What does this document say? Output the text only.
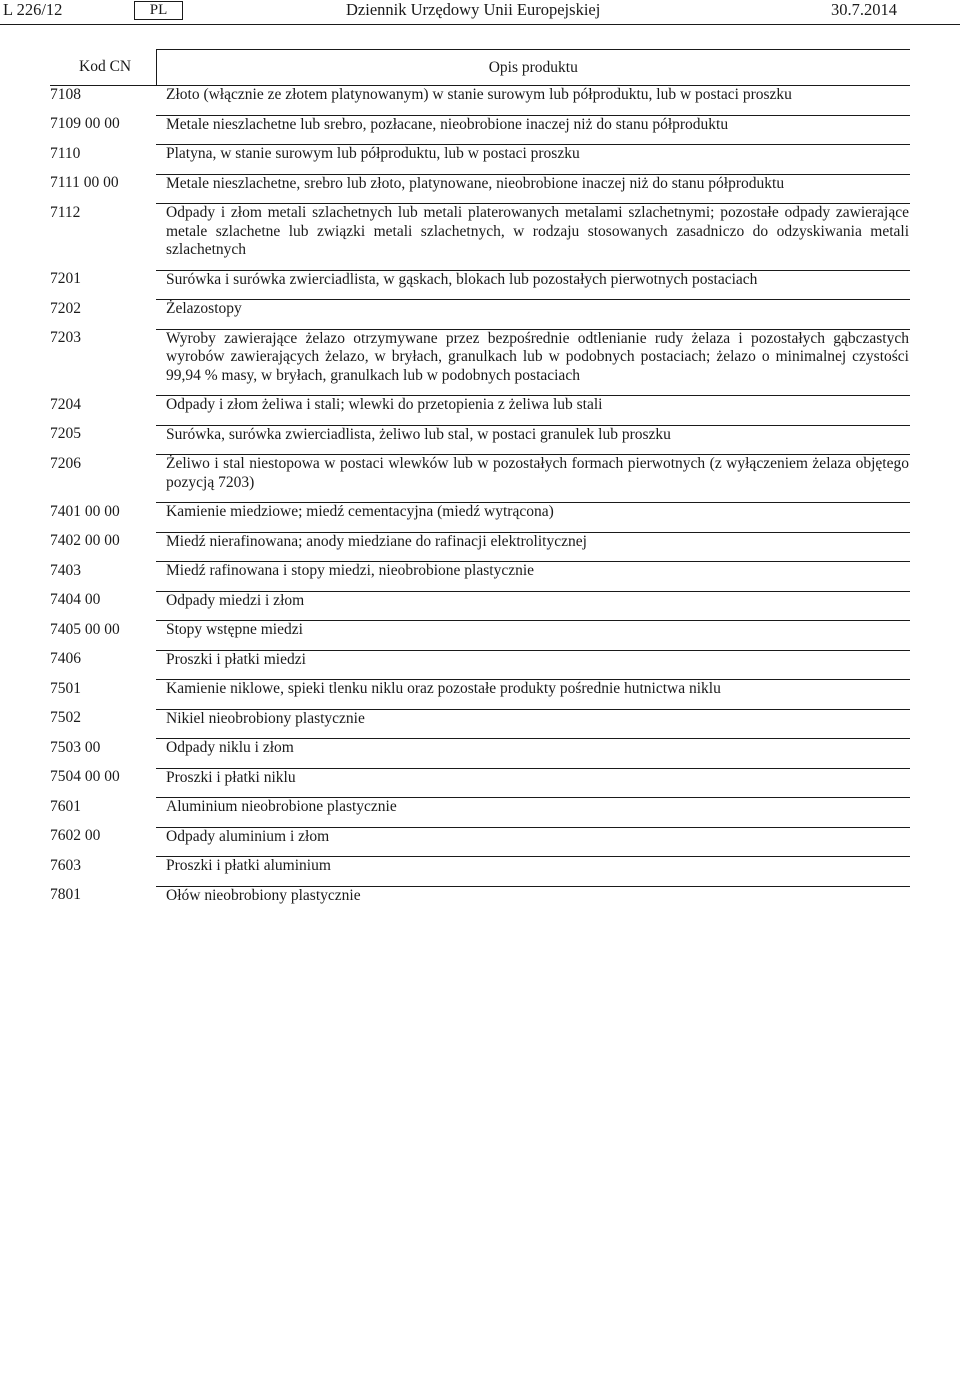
L 226/12	PL	Dziennik Urzędowy Unii Europejskiej	30.7.2014
Kod CN	Opis produktu
7108	Złoto (włącznie ze złotem platynowanym) w stanie surowym lub półproduktu, lub w postaci proszku
7109 00 00	Metale nieszlachetne lub srebro, pozłacane, nieobrobione inaczej niż do stanu półproduktu
7110	Platyna, w stanie surowym lub półproduktu, lub w postaci proszku
7111 00 00	Metale nieszlachetne, srebro lub złoto, platynowane, nieobrobione inaczej niż do stanu półproduktu
7112	Odpady i złom metali szlachetnych lub metali platerowanych metalami szlachetnymi; pozostałe odpady zawierające metale szlachetne lub związki metali szlachetnych, w rodzaju stosowanych zasadniczo do odzyskiwania metali szlachetnych
7201	Surówka i surówka zwierciadlista, w gąskach, blokach lub pozostałych pierwotnych postaciach
7202	Żelazostopy
7203	Wyroby zawierające żelazo otrzymywane przez bezpośrednie odtlenianie rudy żelaza i pozostałych gąbczastych wyrobów zawierających żelazo, w bryłach, granulkach lub w podobnych postaciach; żelazo o minimalnej czystości 99,94 % masy, w bryłach, granulkach lub w podobnych postaciach
7204	Odpady i złom żeliwa i stali; wlewki do przetopienia z żeliwa lub stali
7205	Surówka, surówka zwierciadlista, żeliwo lub stal, w postaci granulek lub proszku
7206	Żeliwo i stal niestopowa w postaci wlewków lub w pozostałych formach pierwotnych (z wyłączeniem żelaza objętego pozycją 7203)
7401 00 00	Kamienie miedziowe; miedź cementacyjna (miedź wytrącona)
7402 00 00	Miedź nierafinowana; anody miedziane do rafinacji elektrolitycznej
7403	Miedź rafinowana i stopy miedzi, nieobrobione plastycznie
7404 00	Odpady miedzi i złom
7405 00 00	Stopy wstępne miedzi
7406	Proszki i płatki miedzi
7501	Kamienie niklowe, spieki tlenku niklu oraz pozostałe produkty pośrednie hutnictwa niklu
7502	Nikiel nieobrobiony plastycznie
7503 00	Odpady niklu i złom
7504 00 00	Proszki i płatki niklu
7601	Aluminium nieobrobione plastycznie
7602 00	Odpady aluminium i złom
7603	Proszki i płatki aluminium
7801	Ołów nieobrobiony plastycznie
